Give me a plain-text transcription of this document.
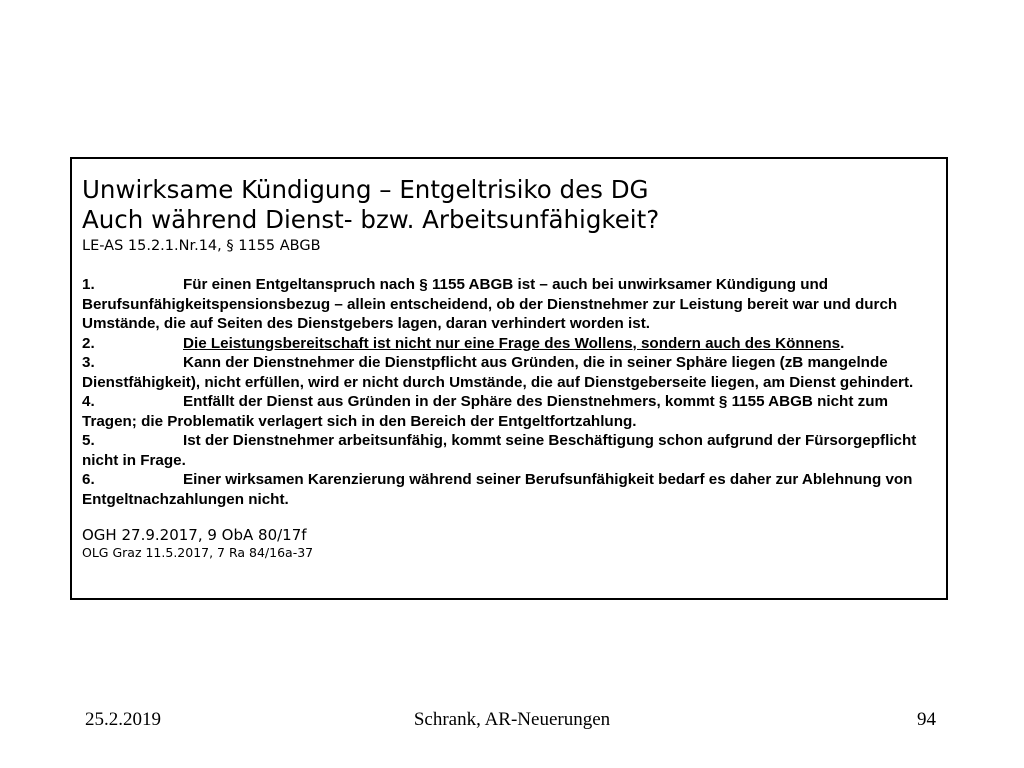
Unwirksame Kündigung – Entgeltrisiko des DG
Auch während Dienst- bzw. Arbeitsunfähigkeit?
LE-AS 15.2.1.Nr.14, § 1155 ABGB
1.	Für einen Entgeltanspruch nach § 1155 ABGB ist – auch bei unwirksamer Kündigung und Berufsunfähigkeitspensionsbezug – allein entscheidend, ob der Dienstnehmer zur Leistung bereit war und durch Umstände, die auf Seiten des Dienstgebers lagen, daran verhindert worden ist.
2.	Die Leistungsbereitschaft ist nicht nur eine Frage des Wollens, sondern auch des Könnens.
3.	Kann der Dienstnehmer die Dienstpflicht aus Gründen, die in seiner Sphäre liegen (zB mangelnde Dienstfähigkeit), nicht erfüllen, wird er nicht durch Umstände, die auf Dienstgeberseite liegen, am Dienst gehindert.
4.	Entfällt der Dienst aus Gründen in der Sphäre des Dienstnehmers, kommt § 1155 ABGB nicht zum Tragen; die Problematik verlagert sich in den Bereich der Entgeltfortzahlung.
5.	Ist der Dienstnehmer arbeitsunfähig, kommt seine Beschäftigung schon aufgrund der Fürsorgepflicht nicht in Frage.
6.	Einer wirksamen Karenzierung während seiner Berufsunfähigkeit bedarf es daher zur Ablehnung von Entgeltnachzahlungen nicht.
OGH 27.9.2017, 9 ObA 80/17f
OLG Graz 11.5.2017, 7 Ra 84/16a-37
25.2.2019	Schrank, AR-Neuerungen	94
